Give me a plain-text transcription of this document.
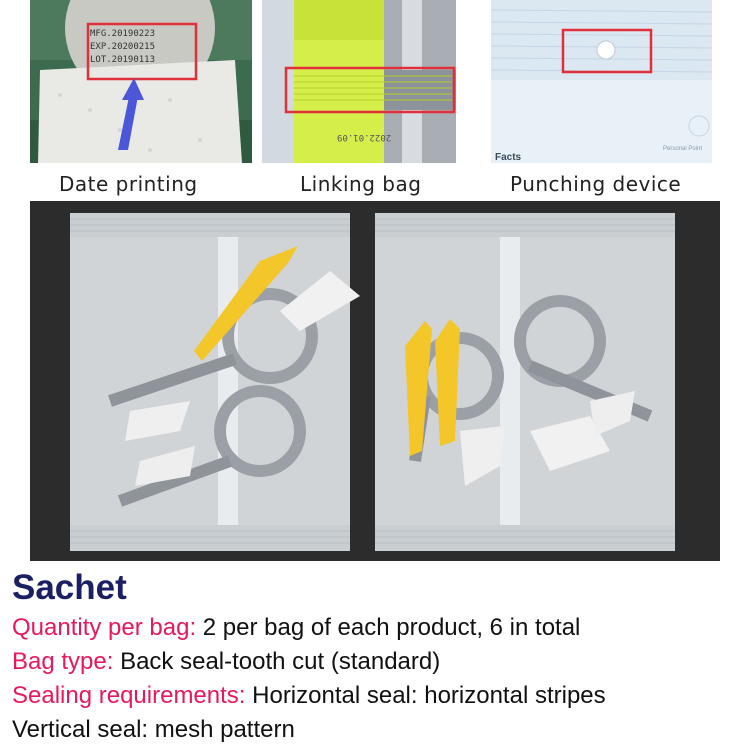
MFG.20190223
EXP.20200215
LOT.20190113
Date printing
2022.01.09
Linking bag
Personal Point
Facts
Punching device
Sachet
Quantity per bag: 2 per bag of each product, 6 in total
Bag type: Back seal-tooth cut (standard)
Sealing requirements: Horizontal seal: horizontal stripes
Vertical seal: mesh pattern
